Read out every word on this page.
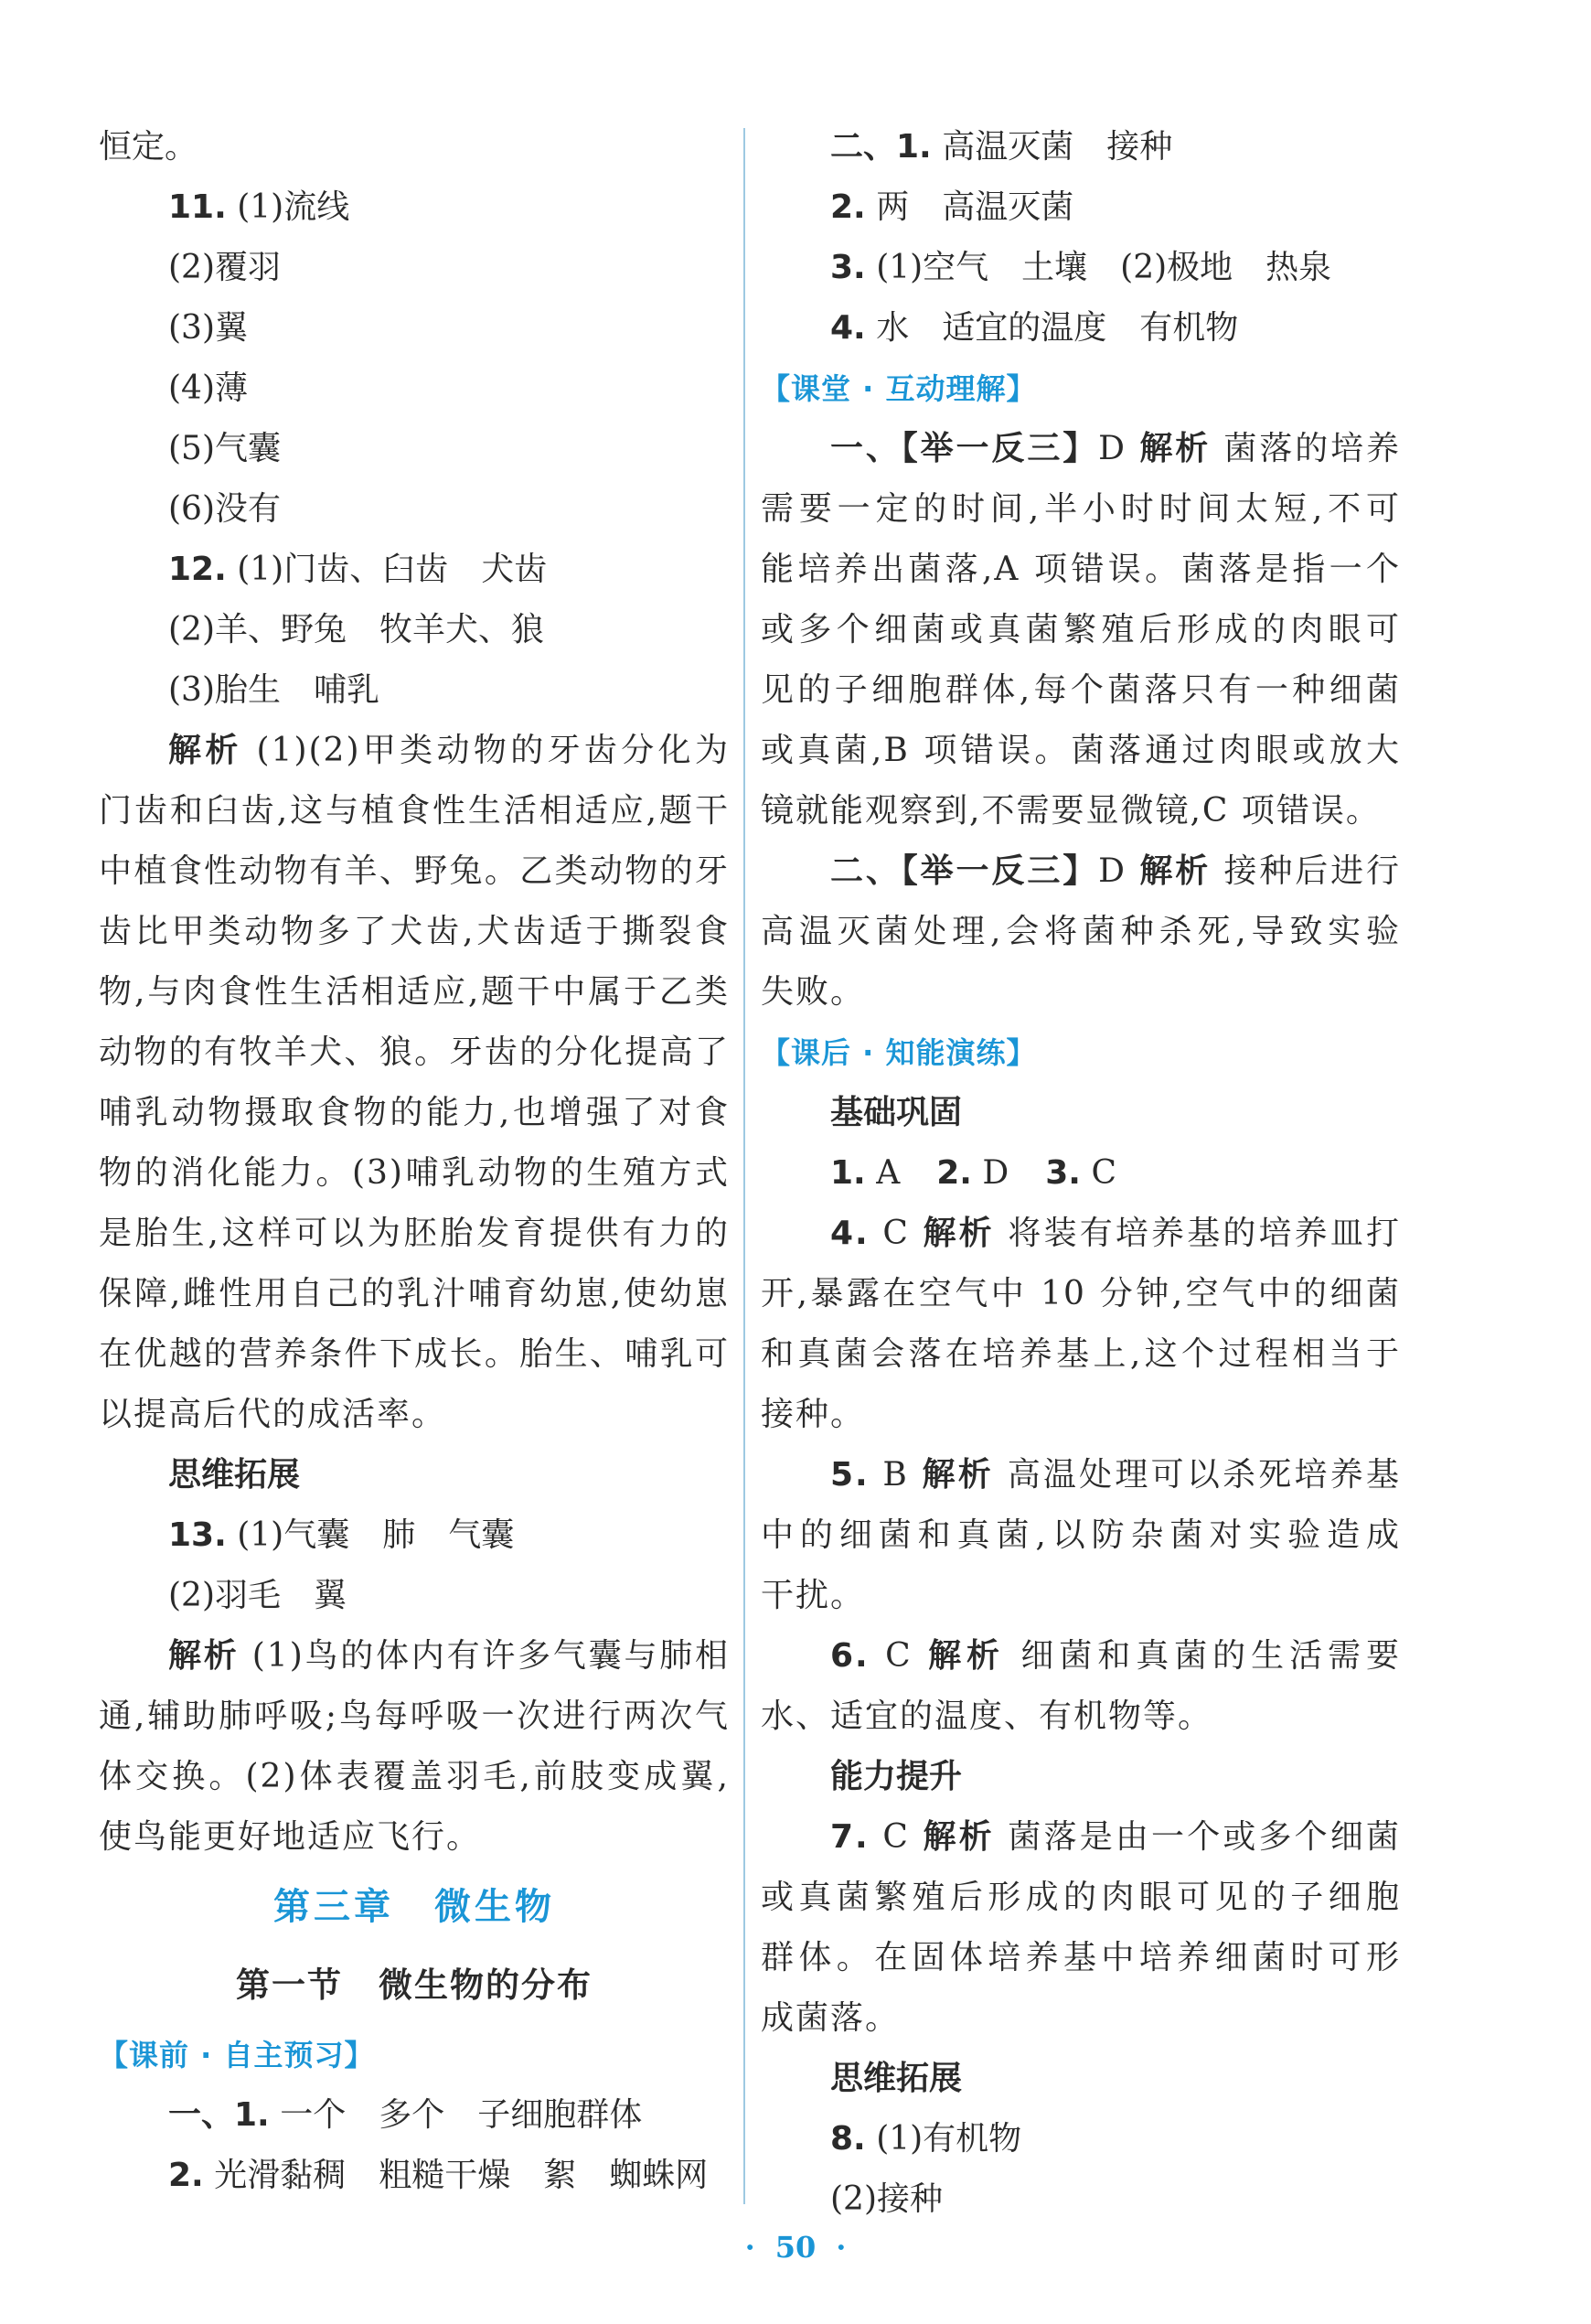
恒定。
11. (1)流线
(2)覆羽
(3)翼
(4)薄
(5)气囊
(6)没有
12. (1)门齿、臼齿　犬齿
(2)羊、野兔　牧羊犬、狼
(3)胎生　哺乳
解析 (1)(2)甲类动物的牙齿分化为
门齿和臼齿,这与植食性生活相适应,题干
中植食性动物有羊、野兔。乙类动物的牙
齿比甲类动物多了犬齿,犬齿适于撕裂食
物,与肉食性生活相适应,题干中属于乙类
动物的有牧羊犬、狼。牙齿的分化提高了
哺乳动物摄取食物的能力,也增强了对食
物的消化能力。(3)哺乳动物的生殖方式
是胎生,这样可以为胚胎发育提供有力的
保障,雌性用自己的乳汁哺育幼崽,使幼崽
在优越的营养条件下成长。胎生、哺乳可
以提高后代的成活率。
思维拓展
13. (1)气囊　肺　气囊
(2)羽毛　翼
解析 (1)鸟的体内有许多气囊与肺相
通,辅助肺呼吸;鸟每呼吸一次进行两次气
体交换。(2)体表覆盖羽毛,前肢变成翼,
使鸟能更好地适应飞行。
第三章　微生物
第一节　微生物的分布
【课前 · 自主预习】
一、1. 一个　多个　子细胞群体
2. 光滑黏稠　粗糙干燥　絮　蜘蛛网
二、1. 高温灭菌　接种
2. 两　高温灭菌
3. (1)空气　土壤　(2)极地　热泉
4. 水　适宜的温度　有机物
【课堂 · 互动理解】
一、【举一反三】D 解析 菌落的培养
需要一定的时间,半小时时间太短,不可
能培养出菌落,A 项错误。菌落是指一个
或多个细菌或真菌繁殖后形成的肉眼可
见的子细胞群体,每个菌落只有一种细菌
或真菌,B 项错误。菌落通过肉眼或放大
镜就能观察到,不需要显微镜,C 项错误。
二、【举一反三】D 解析 接种后进行
高温灭菌处理,会将菌种杀死,导致实验
失败。
【课后 · 知能演练】
基础巩固
1. A 2. D 3. C
4. C 解析 将装有培养基的培养皿打
开,暴露在空气中 10 分钟,空气中的细菌
和真菌会落在培养基上,这个过程相当于
接种。
5. B 解析 高温处理可以杀死培养基
中的细菌和真菌,以防杂菌对实验造成
干扰。
6. C 解析 细菌和真菌的生活需要
水、适宜的温度、有机物等。
能力提升
7. C 解析 菌落是由一个或多个细菌
或真菌繁殖后形成的肉眼可见的子细胞
群体。在固体培养基中培养细菌时可形
成菌落。
思维拓展
8. (1)有机物
(2)接种
· 50 ·
